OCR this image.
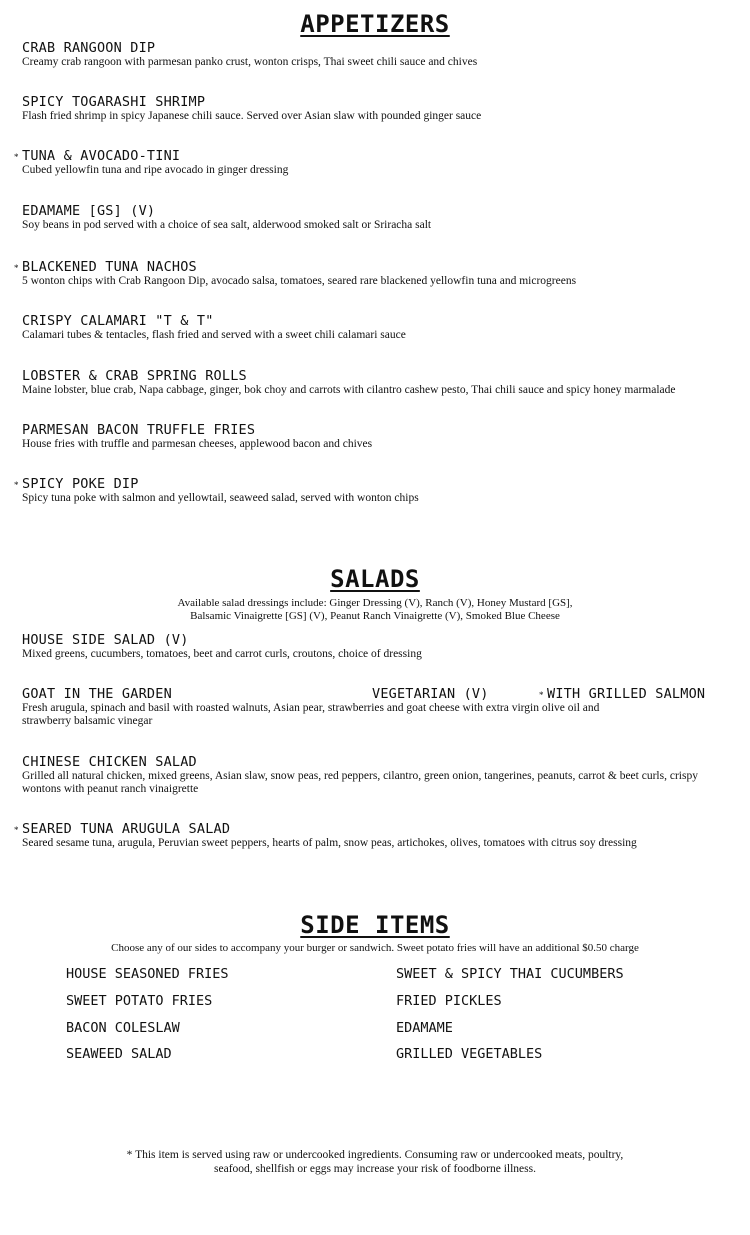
APPETIZERS
CRAB RANGOON DIP
Creamy crab rangoon with parmesan panko crust, wonton crisps, Thai sweet chili sauce and chives
SPICY TOGARASHI SHRIMP
Flash fried shrimp in spicy Japanese chili sauce. Served over Asian slaw with pounded ginger sauce
* TUNA & AVOCADO-TINI
Cubed yellowfin tuna and ripe avocado in ginger dressing
EDAMAME [GS] (V)
Soy beans in pod served with a choice of sea salt, alderwood smoked salt or Sriracha salt
* BLACKENED TUNA NACHOS
5 wonton chips with Crab Rangoon Dip, avocado salsa, tomatoes, seared rare blackened yellowfin tuna and microgreens
CRISPY CALAMARI "T & T"
Calamari tubes & tentacles, flash fried and served with a sweet chili calamari sauce
LOBSTER & CRAB SPRING ROLLS
Maine lobster, blue crab, Napa cabbage, ginger, bok choy and carrots with cilantro cashew pesto, Thai chili sauce and spicy honey marmalade
PARMESAN BACON TRUFFLE FRIES
House fries with truffle and parmesan cheeses, applewood bacon and chives
* SPICY POKE DIP
Spicy tuna poke with salmon and yellowtail, seaweed salad, served with wonton chips
SALADS
Available salad dressings include: Ginger Dressing (V), Ranch (V), Honey Mustard [GS],
Balsamic Vinaigrette [GS] (V), Peanut Ranch Vinaigrette (V), Smoked Blue Cheese
HOUSE SIDE SALAD (V)
Mixed greens, cucumbers, tomatoes, beet and carrot curls, croutons, choice of dressing
GOAT IN THE GARDEN	VEGETARIAN (V)	* WITH GRILLED SALMON
Fresh arugula, spinach and basil with roasted walnuts, Asian pear, strawberries and goat cheese with extra virgin olive oil and strawberry balsamic vinegar
CHINESE CHICKEN SALAD
Grilled all natural chicken, mixed greens, Asian slaw, snow peas, red peppers, cilantro, green onion, tangerines, peanuts, carrot & beet curls, crispy wontons with peanut ranch vinaigrette
* SEARED TUNA ARUGULA SALAD
Seared sesame tuna, arugula, Peruvian sweet peppers, hearts of palm, snow peas, artichokes, olives, tomatoes with citrus soy dressing
SIDE ITEMS
Choose any of our sides to accompany your burger or sandwich. Sweet potato fries will have an additional $0.50 charge
HOUSE SEASONED FRIES
SWEET POTATO FRIES
BACON COLESLAW
SEAWEED SALAD
SWEET & SPICY THAI CUCUMBERS
FRIED PICKLES
EDAMAME
GRILLED VEGETABLES
* This item is served using raw or undercooked ingredients. Consuming raw or undercooked meats, poultry,
seafood, shellfish or eggs may increase your risk of foodborne illness.
